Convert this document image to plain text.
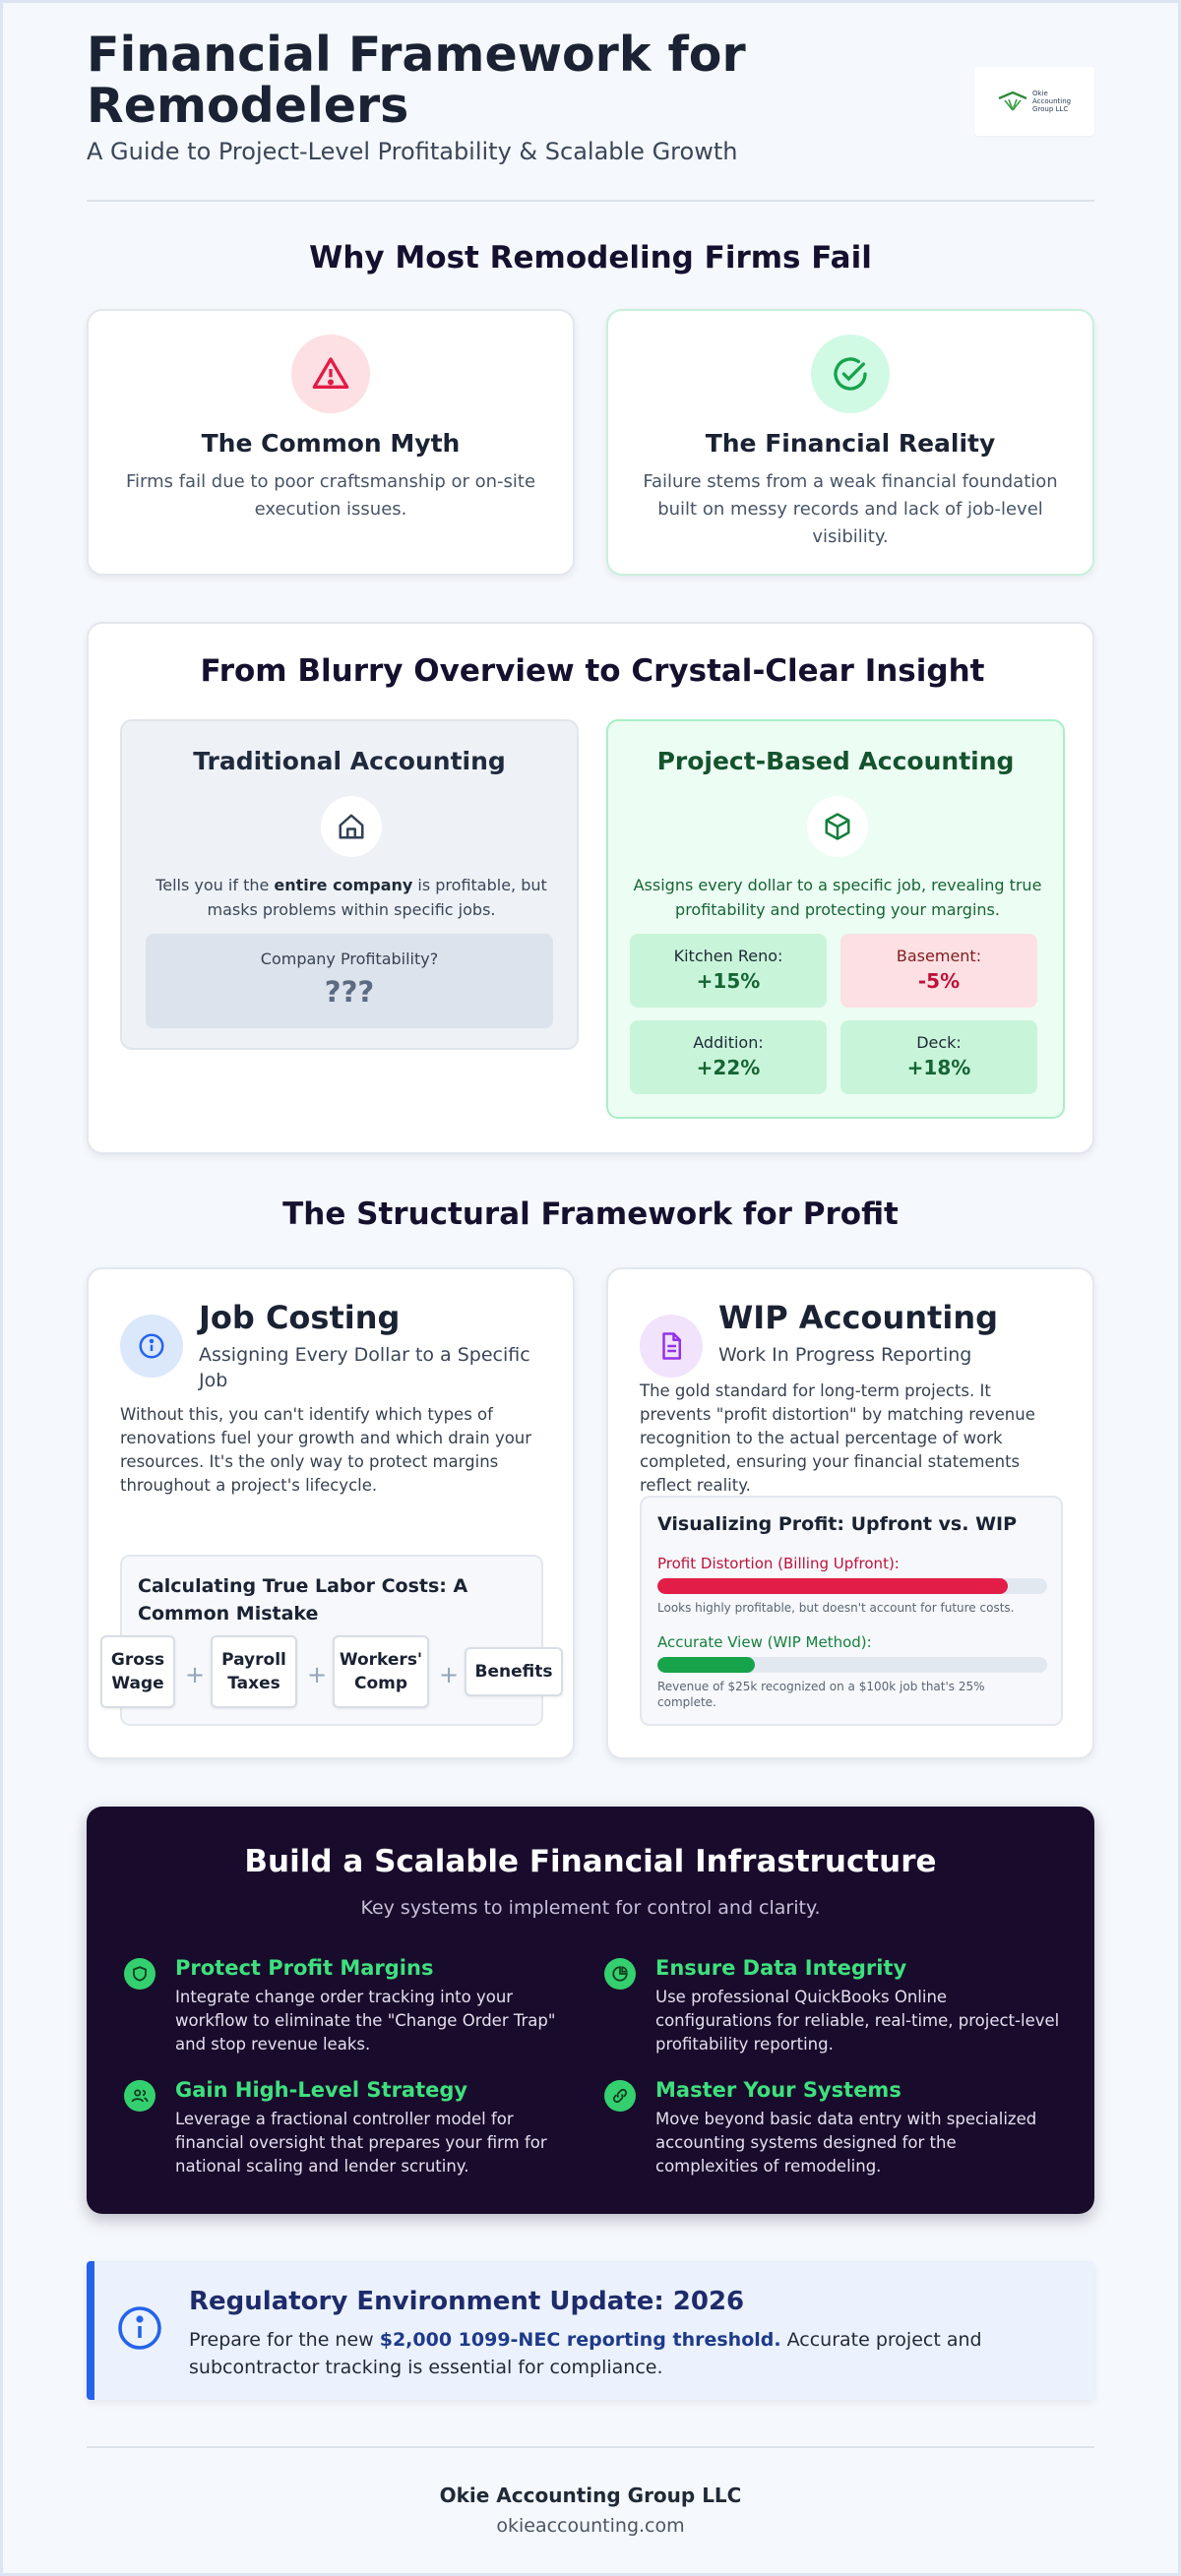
Financial Framework for Remodelers
A Guide to Project-Level Profitability & Scalable Growth
Okie Accounting Group LLC
Why Most Remodeling Firms Fail
The Common Myth

Firms fail due to poor craftsmanship or on-site execution issues.

The Financial Reality

Failure stems from a weak financial foundation built on messy records and lack of job-level visibility.

From Blurry Overview to Crystal-Clear Insight
Traditional Accounting

Tells you if the entire company is profitable, but masks problems within specific jobs.

Company Profitability?
???
Project-Based Accounting

Assigns every dollar to a specific job, revealing true profitability and protecting your margins.

Kitchen Reno:
+15%
Basement:
-5%
Addition:
+22%
Deck:
+18%
The Structural Framework for Profit
Job Costing
Assigning Every Dollar to a Specific Job
Without this, you can't identify which types of renovations fuel your growth and which drain your resources. It's the only way to protect margins throughout a project's lifecycle.
Calculating True Labor Costs: A Common Mistake
Gross Wage +
Payroll Taxes	+
Workers' Comp	+ Benefits
WIP Accounting
Work In Progress Reporting
The gold standard for long-term projects. It prevents "profit distortion" by matching revenue recognition to the actual percentage of work completed, ensuring your financial statements reflect reality.
Visualizing Profit: Upfront vs. WIP
Profit Distortion (Billing Upfront):
Looks highly profitable, but doesn't account for future costs.
Accurate View (WIP Method):
Revenue of $25k recognized on a $100k job that's 25% complete.
Build a Scalable Financial Infrastructure
Key systems to implement for control and clarity.
Protect Profit Margins
Integrate change order tracking into your workflow to eliminate the "Change Order Trap" and stop revenue leaks.
Ensure Data Integrity
Use professional QuickBooks Online configurations for reliable, real-time, project-level profitability reporting.
Gain High-Level Strategy
Leverage a fractional controller model for financial oversight that prepares your firm for national scaling and lender scrutiny.
Master Your Systems
Move beyond basic data entry with specialized accounting systems designed for the complexities of remodeling.
Regulatory Environment Update: 2026

Prepare for the new $2,000 1099-NEC reporting threshold. Accurate project and subcontractor tracking is essential for compliance.

Okie Accounting Group LLC
okieaccounting.com
